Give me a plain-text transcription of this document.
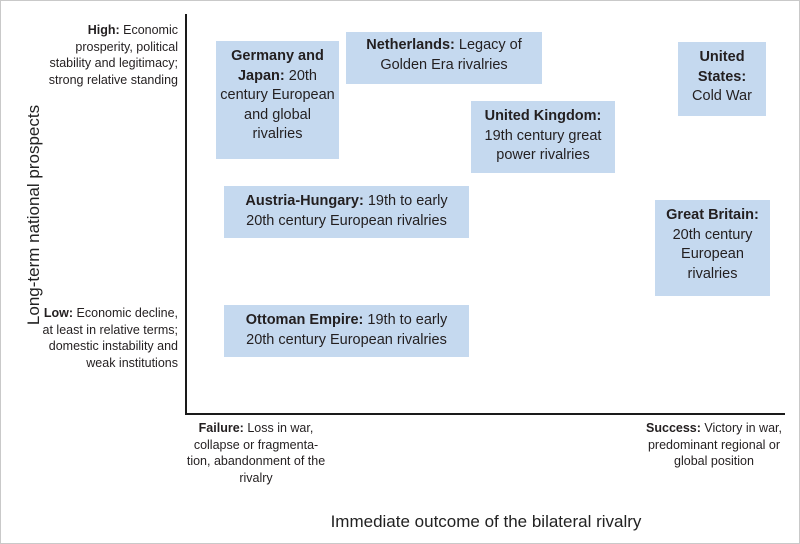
Long-term national prospects
Immediate outcome of the bilateral rivalry
High: Economic prosperity, political stability and legitimacy; strong relative standing
Low: Economic decline, at least in relative terms; domestic instability and weak institutions
Failure: Loss in war, collapse or fragmenta-tion, abandonment of the rivalry
Success: Victory in war, predominant regional or global position
Germany and Japan: 20th century European and global rivalries
Netherlands: Legacy of Golden Era rivalries	United States: Cold War
United Kingdom: 19th century great power rivalries
Austria-Hungary: 19th to early 20th century European rivalries	Great Britain: 20th century European rivalries
Ottoman Empire: 19th to early 20th century European rivalries
